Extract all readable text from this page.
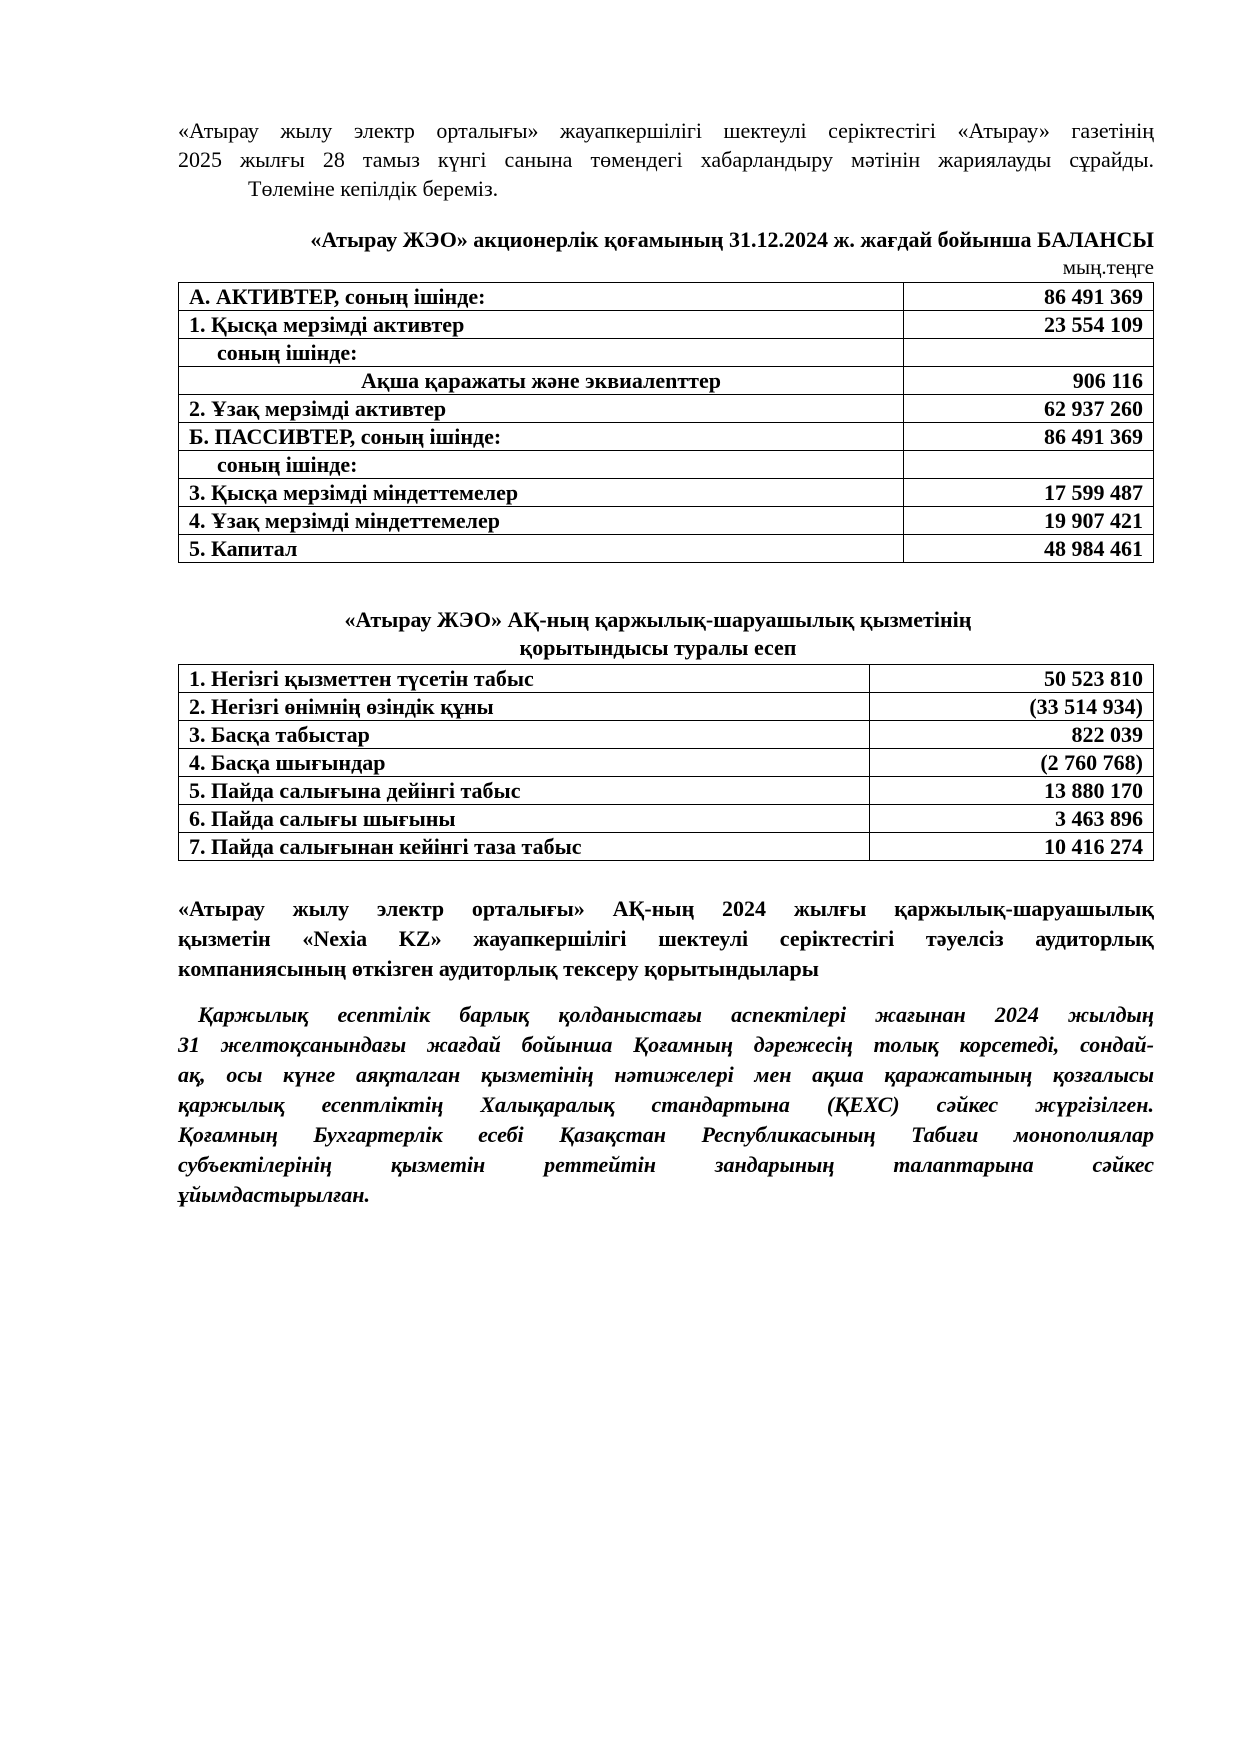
«Атырау жылу электр орталығы» жауапкершілігі шектеулі серіктестігі «Атырау» газетінің
2025 жылғы 28 тамыз күнгі санына төмендегі хабарландыру мәтінін жариялауды сұрайды.
Төлеміне кепілдік береміз.
«Атырау ЖЭО» акционерлік қоғамының 31.12.2024 ж. жағдай бойынша БАЛАНСЫ
мың.теңге
А. АКТИВТЕР, соның ішінде:	86 491 369
1. Қысқа мерзімді активтер	23 554 109
соның ішінде:	
Ақша қаражаты және эквиалenттер	906 116
2. Ұзақ мерзімді активтер	62 937 260
Б. ПАССИВТЕР, соның ішінде:	86 491 369
соның ішінде:	
3. Қысқа мерзімді міндеттемелер	17 599 487
4. Ұзақ мерзімді міндеттемелер	19 907 421
5. Капитал	48 984 461
«Атырау ЖЭО» АҚ-ның қаржылық-шаруашылық қызметінің
қорытындысы туралы есеп
1. Негізгі қызметтен түсетін табыс	50 523 810
2. Негізгі өнімнің өзіндік құны	(33 514 934)
3. Басқа табыстар	822 039
4. Басқа шығындар	(2 760 768)
5. Пайда салығына дейінгі табыс	13 880 170
6. Пайда салығы шығыны	3 463 896
7. Пайда салығынан кейінгі таза табыс	10 416 274
«Атырау жылу электр орталығы» АҚ-ның 2024 жылғы қаржылық-шаруашылық
қызметін «Nexia KZ» жауапкершілігі шектеулі серіктестігі тәуелсіз аудиторлық
компаниясының өткізген аудиторлық тексеру қорытындылары
Қаржылық есептілік барлық қолданыстағы аспектілері жағынан 2024 жылдың
31 желтоқсанындағы жағдай бойынша Қоғамның дәрежесің толық корсетеді, сондай-
ақ, осы күнге аяқталган қызметінің нәтижелері мен ақша қаражатының қозғалысы
қаржылық есептліктің Халықаралық стандартына (ҚЕХС) сәйкес жүргізілген.
Қоғамның Бухгартерлік есебі Қазақстан Республикасының Табиғи монополиялар
субъектілерінің қызметін реттейтін зандарының талаптарына сәйкес
ұйымдастырылған.
